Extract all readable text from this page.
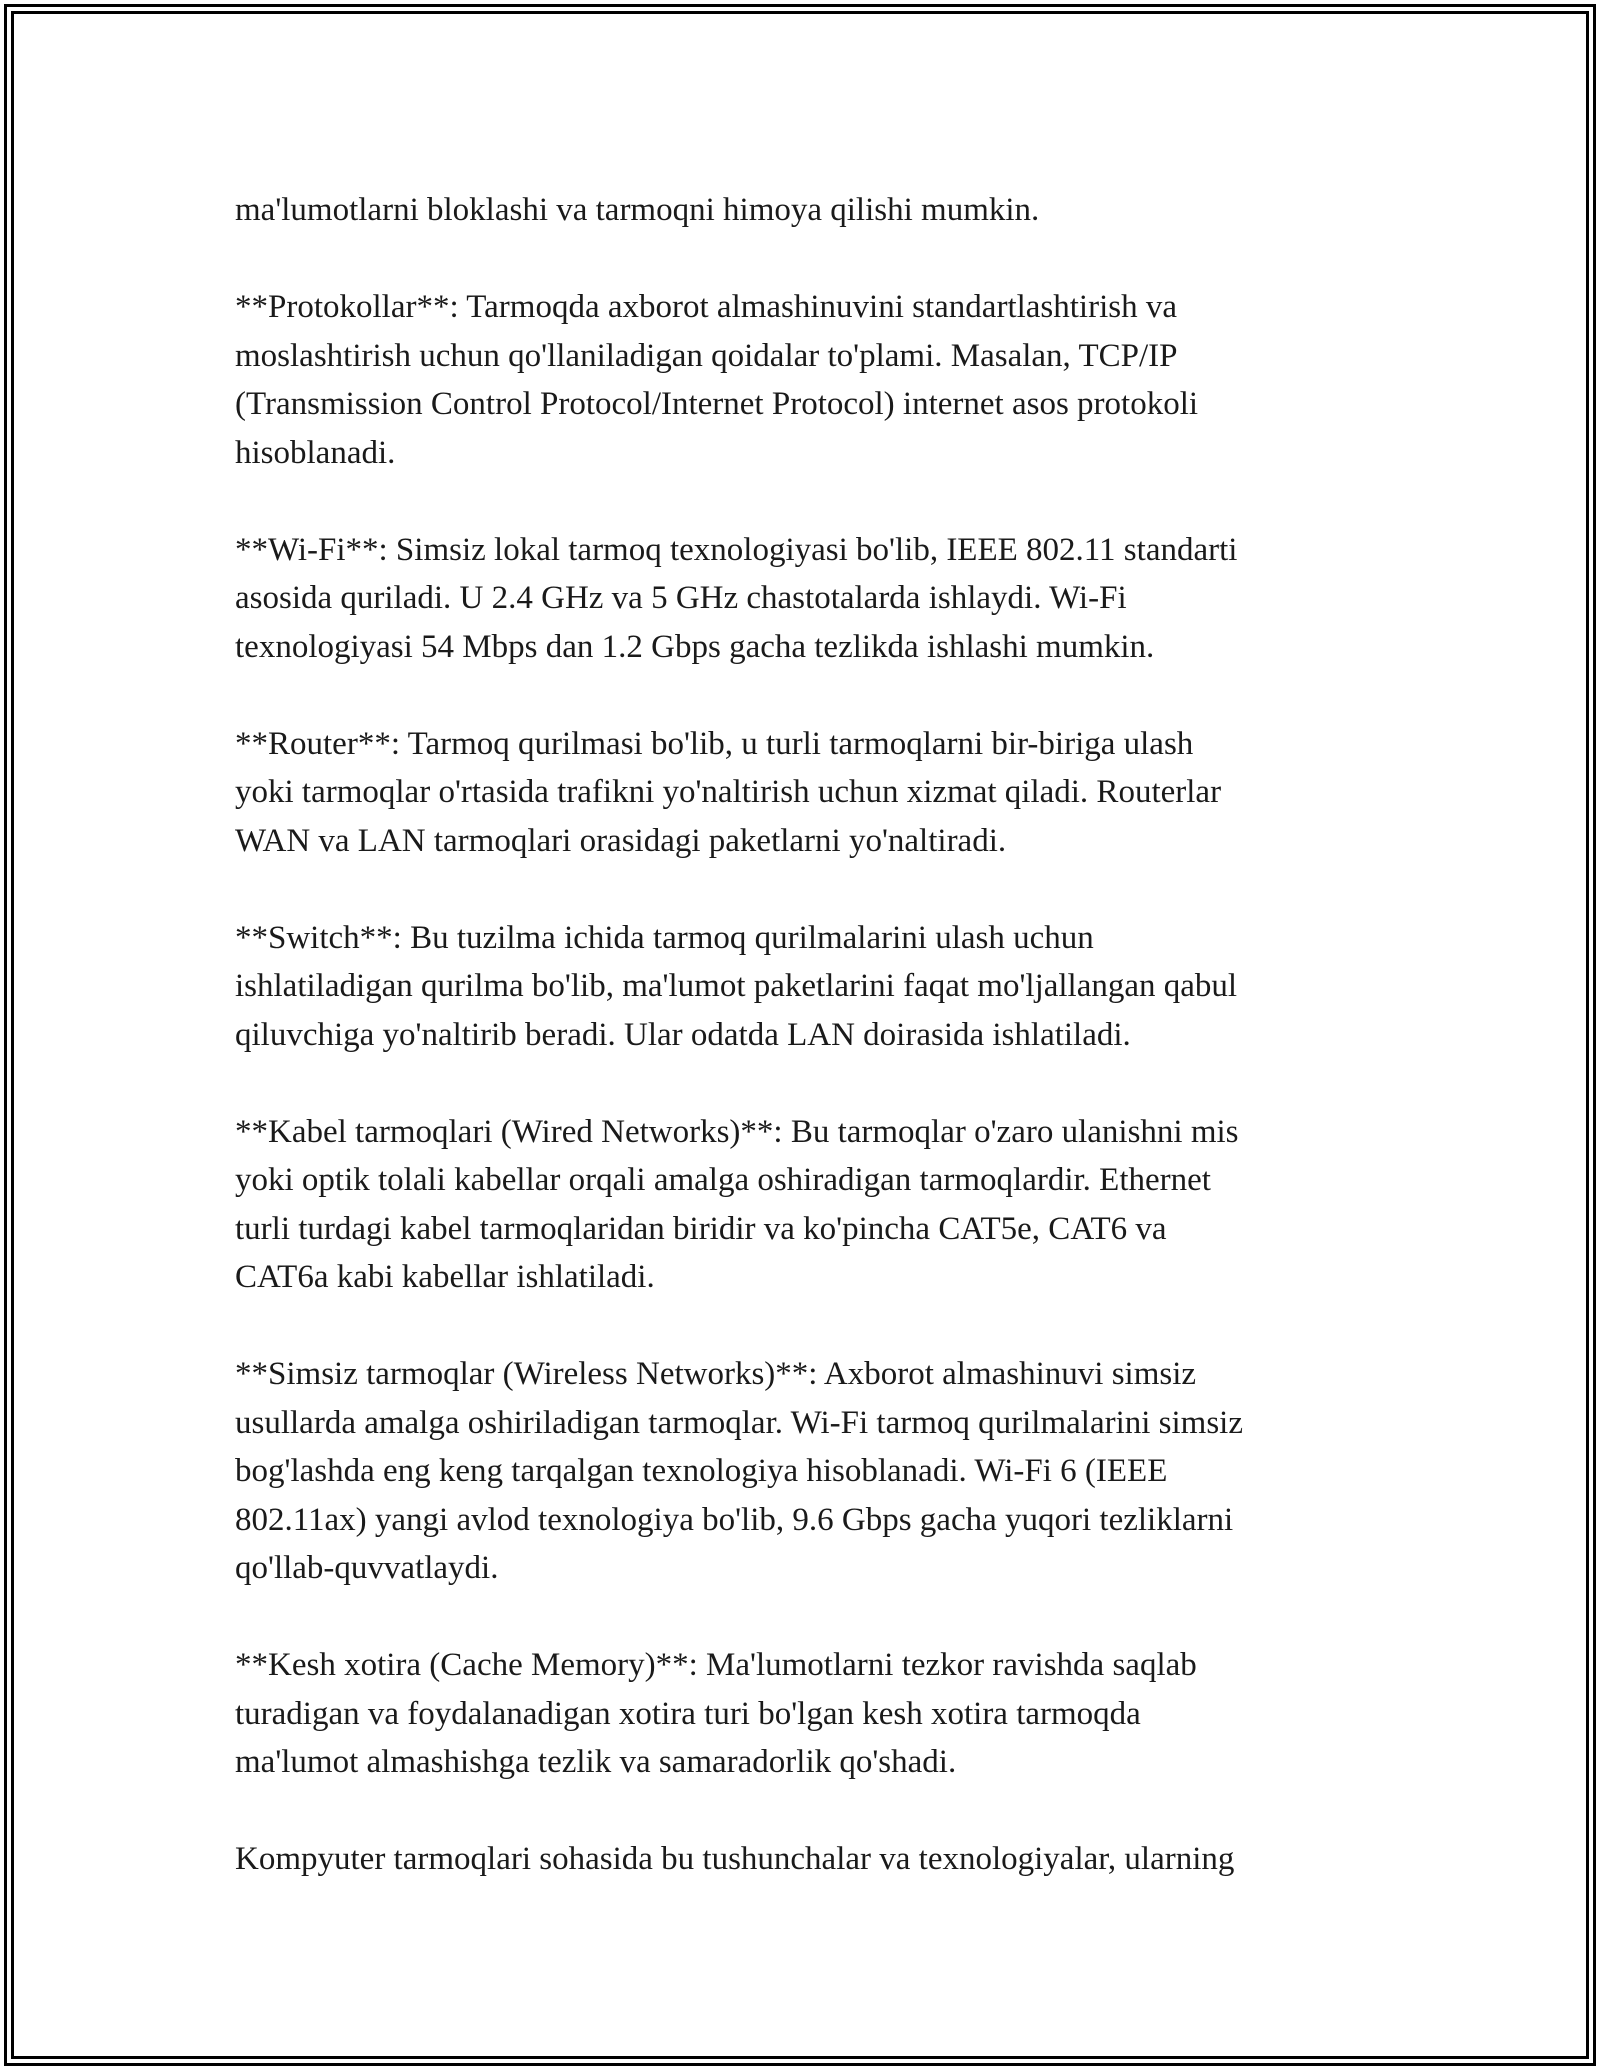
ma'lumotlarni bloklashi va tarmoqni himoya qilishi mumkin.

**Protokollar**: Tarmoqda axborot almashinuvini standartlashtirish va
moslashtirish uchun qo'llaniladigan qoidalar to'plami. Masalan, TCP/IP
(Transmission Control Protocol/Internet Protocol) internet asos protokoli
hisoblanadi.

**Wi-Fi**: Simsiz lokal tarmoq texnologiyasi bo'lib, IEEE 802.11 standarti
asosida quriladi. U 2.4 GHz va 5 GHz chastotalarda ishlaydi. Wi-Fi
texnologiyasi 54 Mbps dan 1.2 Gbps gacha tezlikda ishlashi mumkin.

**Router**: Tarmoq qurilmasi bo'lib, u turli tarmoqlarni bir-biriga ulash
yoki tarmoqlar o'rtasida trafikni yo'naltirish uchun xizmat qiladi. Routerlar
WAN va LAN tarmoqlari orasidagi paketlarni yo'naltiradi.

**Switch**: Bu tuzilma ichida tarmoq qurilmalarini ulash uchun
ishlatiladigan qurilma bo'lib, ma'lumot paketlarini faqat mo'ljallangan qabul
qiluvchiga yo'naltirib beradi. Ular odatda LAN doirasida ishlatiladi.

**Kabel tarmoqlari (Wired Networks)**: Bu tarmoqlar o'zaro ulanishni mis
yoki optik tolali kabellar orqali amalga oshiradigan tarmoqlardir. Ethernet
turli turdagi kabel tarmoqlaridan biridir va ko'pincha CAT5e, CAT6 va
CAT6a kabi kabellar ishlatiladi.

**Simsiz tarmoqlar (Wireless Networks)**: Axborot almashinuvi simsiz
usullarda amalga oshiriladigan tarmoqlar. Wi-Fi tarmoq qurilmalarini simsiz
bog'lashda eng keng tarqalgan texnologiya hisoblanadi. Wi-Fi 6 (IEEE
802.11ax) yangi avlod texnologiya bo'lib, 9.6 Gbps gacha yuqori tezliklarni
qo'llab-quvvatlaydi.

**Kesh xotira (Cache Memory)**: Ma'lumotlarni tezkor ravishda saqlab
turadigan va foydalanadigan xotira turi bo'lgan kesh xotira tarmoqda
ma'lumot almashishga tezlik va samaradorlik qo'shadi.

Kompyuter tarmoqlari sohasida bu tushunchalar va texnologiyalar, ularning
